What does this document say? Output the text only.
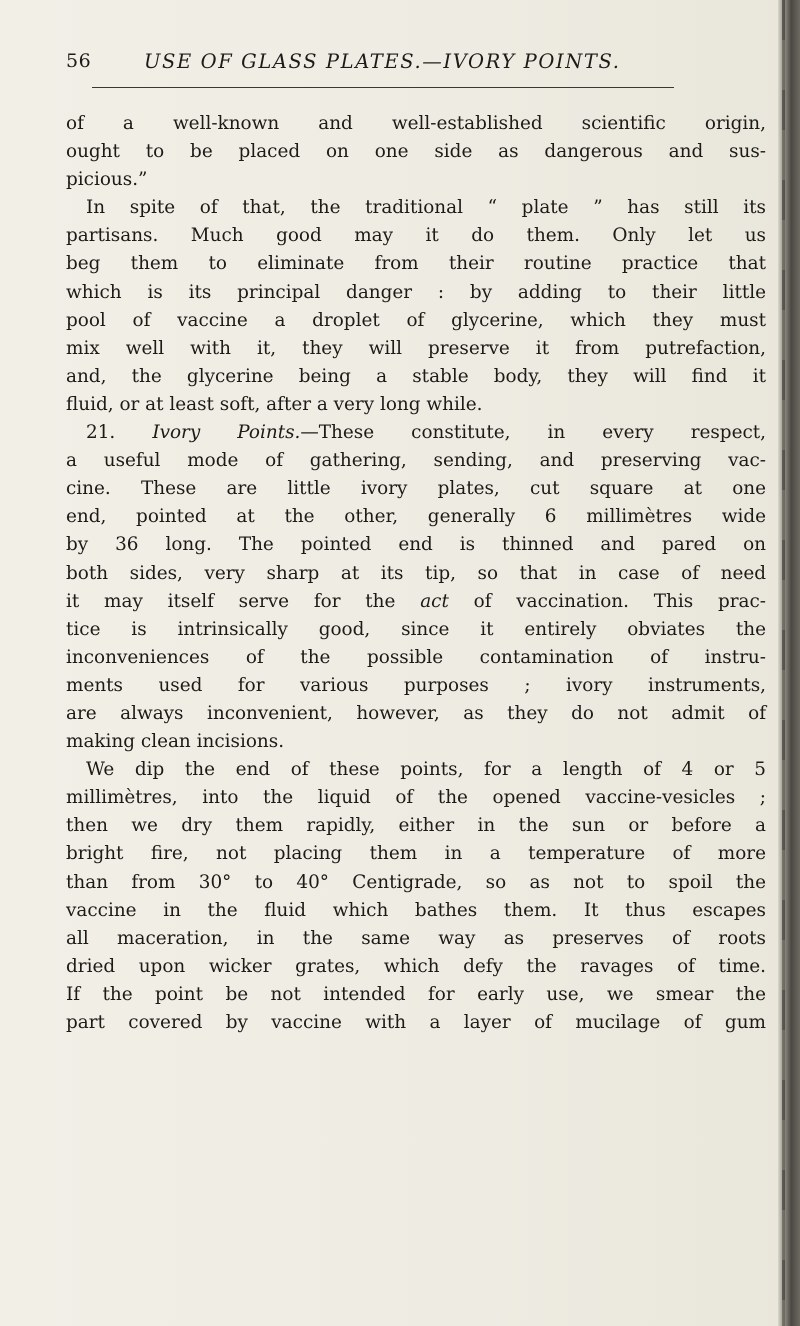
56	USE OF GLASS PLATES.—IVORY POINTS.
of a well-known and well-established scientific origin,
ought to be placed on one side as dangerous and sus-
picious.”
In spite of that, the traditional “ plate ” has still its
partisans. Much good may it do them. Only let us
beg them to eliminate from their routine practice that
which is its principal danger : by adding to their little
pool of vaccine a droplet of glycerine, which they must
mix well with it, they will preserve it from putrefaction,
and, the glycerine being a stable body, they will find it
fluid, or at least soft, after a very long while.
21. Ivory Points.—These constitute, in every respect,
a useful mode of gathering, sending, and preserving vac-
cine. These are little ivory plates, cut square at one
end, pointed at the other, generally 6 millimètres wide
by 36 long. The pointed end is thinned and pared on
both sides, very sharp at its tip, so that in case of need
it may itself serve for the act of vaccination. This prac-
tice is intrinsically good, since it entirely obviates the
inconveniences of the possible contamination of instru-
ments used for various purposes ; ivory instruments,
are always inconvenient, however, as they do not admit of
making clean incisions.
We dip the end of these points, for a length of 4 or 5
millimètres, into the liquid of the opened vaccine-vesicles ;
then we dry them rapidly, either in the sun or before a
bright fire, not placing them in a temperature of more
than from 30° to 40° Centigrade, so as not to spoil the
vaccine in the fluid which bathes them. It thus escapes
all maceration, in the same way as preserves of roots
dried upon wicker grates, which defy the ravages of time.
If the point be not intended for early use, we smear the
part covered by vaccine with a layer of mucilage of gum
